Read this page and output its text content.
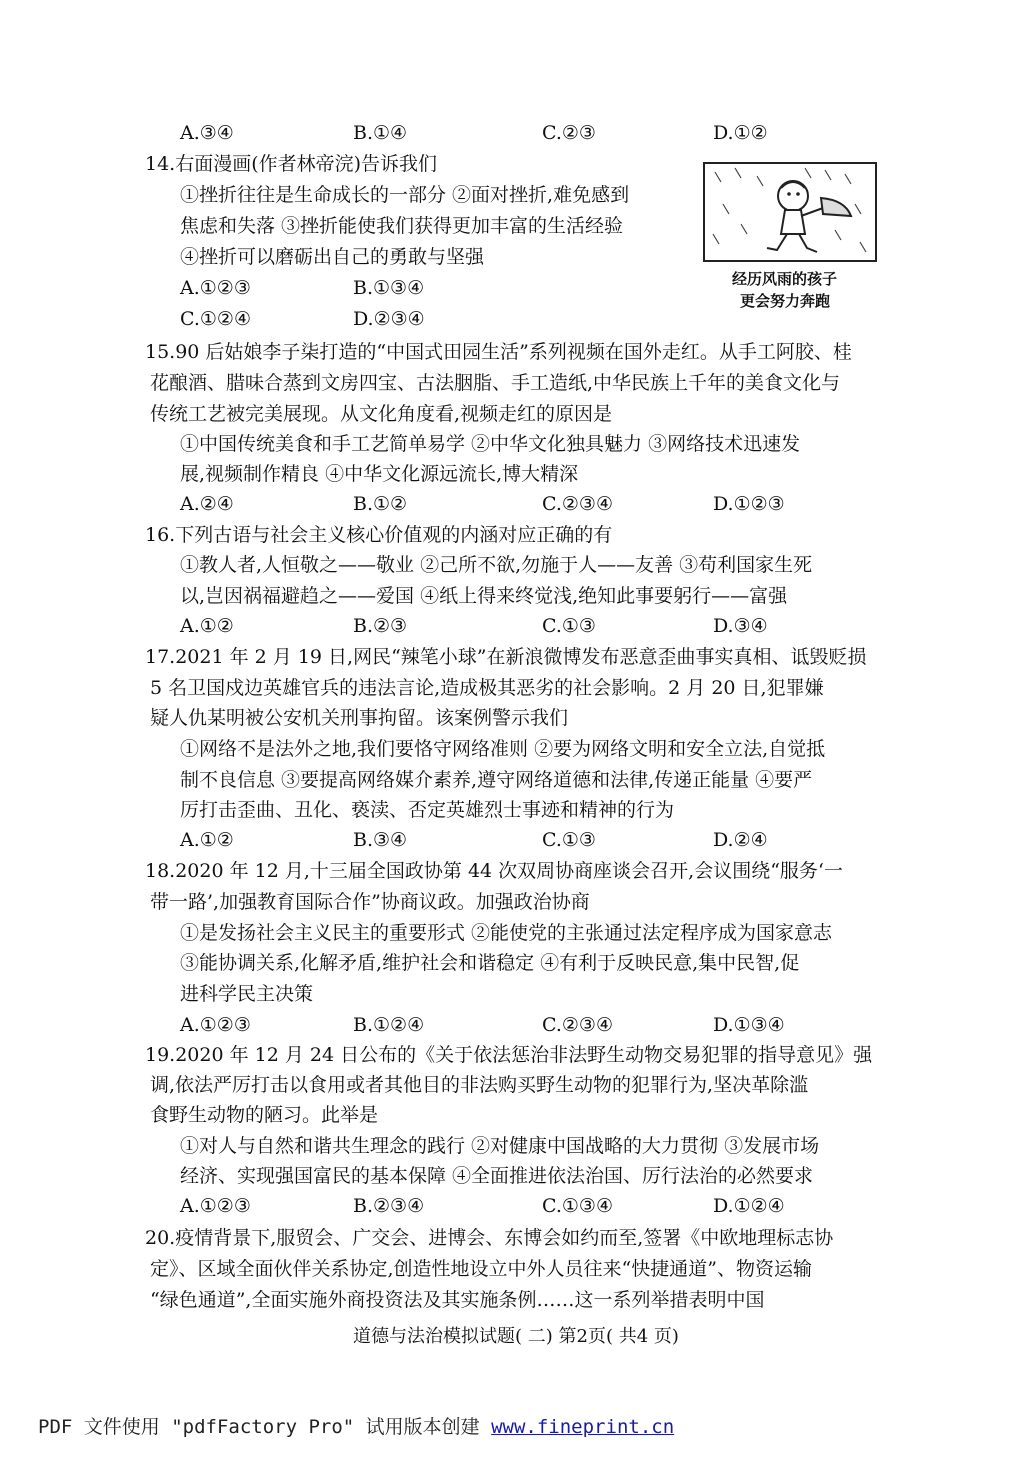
A.③④	B.①④	C.②③	D.①②
14.右面漫画(作者林帝浣)告诉我们
①挫折往往是生命成长的一部分 ②面对挫折,难免感到
焦虑和失落 ③挫折能使我们获得更加丰富的生活经验
④挫折可以磨砺出自己的勇敢与坚强
A.①②③	B.①③④
C.①②④	D.②③④
经历风雨的孩子
更会努力奔跑
15.90 后姑娘李子柒打造的“中国式田园生活”系列视频在国外走红。从手工阿胶、桂
花酿酒、腊味合蒸到文房四宝、古法胭脂、手工造纸,中华民族上千年的美食文化与
传统工艺被完美展现。从文化角度看,视频走红的原因是
①中国传统美食和手工艺简单易学 ②中华文化独具魅力 ③网络技术迅速发
展,视频制作精良 ④中华文化源远流长,博大精深
A.②④	B.①②	C.②③④	D.①②③
16.下列古语与社会主义核心价值观的内涵对应正确的有
①教人者,人恒敬之——敬业 ②己所不欲,勿施于人——友善 ③苟利国家生死
以,岂因祸福避趋之——爱国 ④纸上得来终觉浅,绝知此事要躬行——富强
A.①②	B.②③	C.①③	D.③④
17.2021 年 2 月 19 日,网民“辣笔小球”在新浪微博发布恶意歪曲事实真相、诋毁贬损
5 名卫国戍边英雄官兵的违法言论,造成极其恶劣的社会影响。2 月 20 日,犯罪嫌
疑人仇某明被公安机关刑事拘留。该案例警示我们
①网络不是法外之地,我们要恪守网络准则 ②要为网络文明和安全立法,自觉抵
制不良信息 ③要提高网络媒介素养,遵守网络道德和法律,传递正能量 ④要严
厉打击歪曲、丑化、亵渎、否定英雄烈士事迹和精神的行为
A.①②	B.③④	C.①③	D.②④
18.2020 年 12 月,十三届全国政协第 44 次双周协商座谈会召开,会议围绕“服务‘一
带一路’,加强教育国际合作”协商议政。加强政治协商
①是发扬社会主义民主的重要形式 ②能使党的主张通过法定程序成为国家意志
③能协调关系,化解矛盾,维护社会和谐稳定 ④有利于反映民意,集中民智,促
进科学民主决策
A.①②③	B.①②④	C.②③④	D.①③④
19.2020 年 12 月 24 日公布的《关于依法惩治非法野生动物交易犯罪的指导意见》强
调,依法严厉打击以食用或者其他目的非法购买野生动物的犯罪行为,坚决革除滥
食野生动物的陋习。此举是
①对人与自然和谐共生理念的践行 ②对健康中国战略的大力贯彻 ③发展市场
经济、实现强国富民的基本保障 ④全面推进依法治国、厉行法治的必然要求
A.①②③	B.②③④	C.①③④	D.①②④
20.疫情背景下,服贸会、广交会、进博会、东博会如约而至,签署《中欧地理标志协
定》、区域全面伙伴关系协定,创造性地设立中外人员往来“快捷通道”、物资运输
“绿色通道”,全面实施外商投资法及其实施条例……这一系列举措表明中国
道德与法治模拟试题( 二) 第2页( 共4 页)
PDF 文件使用 "pdfFactory Pro" 试用版本创建 www.fineprint.cn
